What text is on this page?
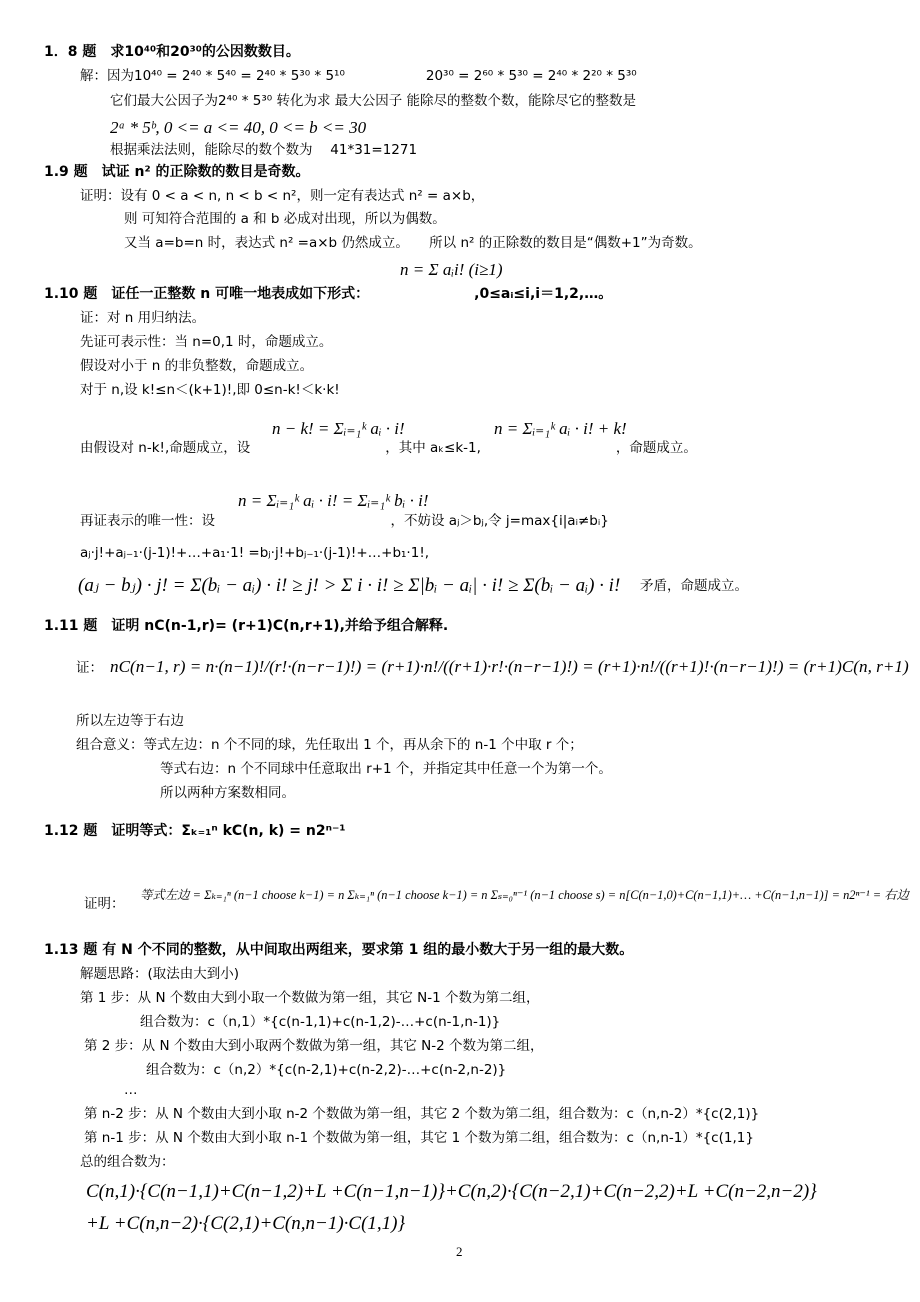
1．8 题　求10⁴⁰和20³⁰的公因数数目。
解：因为10⁴⁰ = 2⁴⁰ * 5⁴⁰ = 2⁴⁰ * 5³⁰ * 5¹⁰　　　　　　20³⁰ = 2⁶⁰ * 5³⁰ = 2⁴⁰ * 2²⁰ * 5³⁰
它们最大公因子为2⁴⁰ * 5³⁰ 转化为求 最大公因子 能除尽的整数个数，能除尽它的整数是
2ᵃ * 5ᵇ, 0 <= a <= 40, 0 <= b <= 30
根据乘法法则，能除尽的数个数为　 41*31=1271
1.9 题　试证 n² 的正除数的数目是奇数。
证明：设有 0 < a < n, n < b < n²，则一定有表达式 n² = a×b，
则 可知符合范围的 a 和 b 必成对出现，所以为偶数。
又当 a=b=n 时，表达式 n² =a×b 仍然成立。　　所以 n² 的正除数的数目是“偶数+1”为奇数。
n = Σ aᵢi! (i≥1)
1.10 题　证任一正整数 n 可唯一地表成如下形式：　　　　　　　　,0≤aᵢ≤i,i＝1,2,…。
证：对 n 用归纳法。
先证可表示性：当 n=0,1 时，命题成立。
假设对小于 n 的非负整数，命题成立。
对于 n,设 k!≤n＜(k+1)!,即 0≤n-k!＜k·k!
n − k! = Σᵢ₌₁ᵏ aᵢ · i!	n = Σᵢ₌₁ᵏ aᵢ · i! + k!
由假设对 n-k!,命题成立，设　　　　　　　　　　，其中 aₖ≤k-1,　　　　　　　　　　，命题成立。
n = Σᵢ₌₁ᵏ aᵢ · i! = Σᵢ₌₁ᵏ bᵢ · i!
再证表示的唯一性：设　　　　　　　　　　　　　，不妨设 aⱼ＞bⱼ,令 j=max{i|aᵢ≠bᵢ}
aⱼ·j!+aⱼ₋₁·(j-1)!+…+a₁·1! =bⱼ·j!+bⱼ₋₁·(j-1)!+…+b₁·1!,
(aⱼ − bⱼ) · j! = Σ(bᵢ − aᵢ) · i! ≥ j! > Σ i · i! ≥ Σ|bᵢ − aᵢ| · i! ≥ Σ(bᵢ − aᵢ) · i! 矛盾，命题成立。
1.11 题　证明 nC(n-1,r)= (r+1)C(n,r+1),并给予组合解释.
证： nC(n−1, r) = n·(n−1)!/(r!·(n−r−1)!) = (r+1)·n!/((r+1)·r!·(n−r−1)!) = (r+1)·n!/((r+1)!·(n−r−1)!) = (r+1)C(n, r+1)
所以左边等于右边
组合意义：等式左边：n 个不同的球，先任取出 1 个，再从余下的 n-1 个中取 r 个；
等式右边：n 个不同球中任意取出 r+1 个，并指定其中任意一个为第一个。
所以两种方案数相同。
1.12 题　证明等式：Σₖ₌₁ⁿ kC(n, k) = n2ⁿ⁻¹
证明：
等式左边 = Σₖ₌₁ⁿ (n−1 choose k−1) = n Σₖ₌₁ⁿ (n−1 choose k−1) = n Σₛ₌₀ⁿ⁻¹ (n−1 choose s) = n[C(n−1,0)+C(n−1,1)+… +C(n−1,n−1)] = n2ⁿ⁻¹ = 右边
1.13 题 有 N 个不同的整数，从中间取出两组来，要求第 1 组的最小数大于另一组的最大数。
解题思路：(取法由大到小)
第 1 步：从 N 个数由大到小取一个数做为第一组，其它 N-1 个数为第二组，
组合数为：c（n,1）*{c(n-1,1)+c(n-1,2)-…+c(n-1,n-1)}
第 2 步：从 N 个数由大到小取两个数做为第一组，其它 N-2 个数为第二组，
组合数为：c（n,2）*{c(n-2,1)+c(n-2,2)-…+c(n-2,n-2)}
…
第 n-2 步：从 N 个数由大到小取 n-2 个数做为第一组，其它 2 个数为第二组，组合数为：c（n,n-2）*{c(2,1)}
第 n-1 步：从 N 个数由大到小取 n-1 个数做为第一组，其它 1 个数为第二组，组合数为：c（n,n-1）*{c(1,1}
总的组合数为：
C(n,1)·{C(n−1,1)+C(n−1,2)+L +C(n−1,n−1)}+C(n,2)·{C(n−2,1)+C(n−2,2)+L +C(n−2,n−2)}
+L +C(n,n−2)·{C(2,1)+C(n,n−1)·C(1,1)}
2
